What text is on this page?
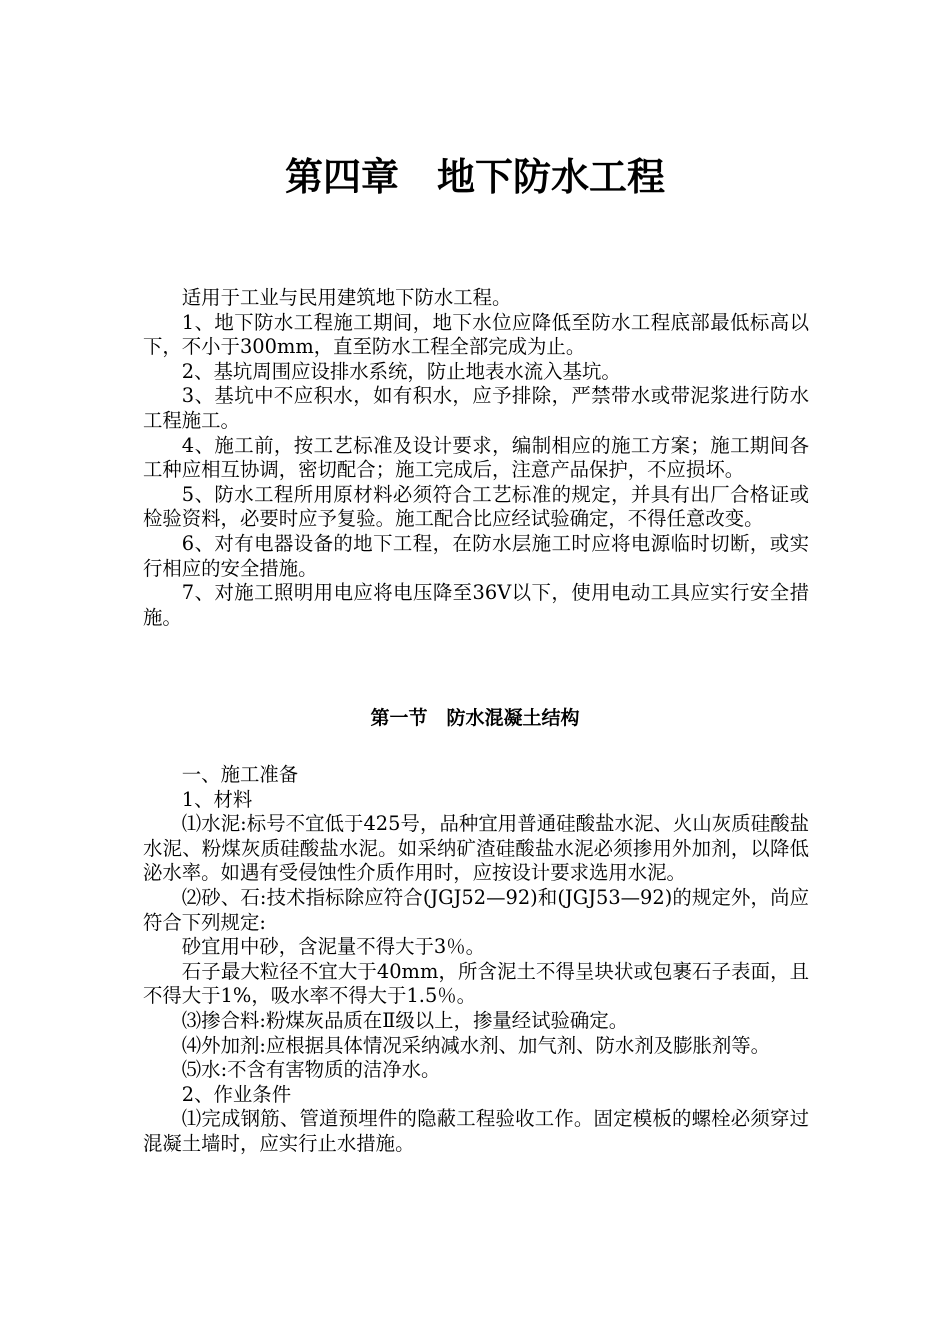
第四章　地下防水工程

适用于工业与民用建筑地下防水工程。

1、地下防水工程施工期间，地下水位应降低至防水工程底部最低标高以下，不小于300mm，直至防水工程全部完成为止。

2、基坑周围应设排水系统，防止地表水流入基坑。

3、基坑中不应积水，如有积水，应予排除，严禁带水或带泥浆进行防水工程施工。

4、施工前，按工艺标准及设计要求，编制相应的施工方案；施工期间各工种应相互协调，密切配合；施工完成后，注意产品保护，不应损坏。

5、防水工程所用原材料必须符合工艺标准的规定，并具有出厂合格证或检验资料，必要时应予复验。施工配合比应经试验确定，不得任意改变。

6、对有电器设备的地下工程，在防水层施工时应将电源临时切断，或实行相应的安全措施。

7、对施工照明用电应将电压降至36V以下，使用电动工具应实行安全措施。

第一节　防水混凝土结构

一、施工准备

1、材料

⑴水泥:标号不宜低于425号，品种宜用普通硅酸盐水泥、火山灰质硅酸盐水泥、粉煤灰质硅酸盐水泥。如采纳矿渣硅酸盐水泥必须掺用外加剂，以降低泌水率。如遇有受侵蚀性介质作用时，应按设计要求选用水泥。

⑵砂、石:技术指标除应符合(JGJ52—92)和(JGJ53—92)的规定外，尚应符合下列规定:

砂宜用中砂，含泥量不得大于3％。

石子最大粒径不宜大于40mm，所含泥土不得呈块状或包裹石子表面，且不得大于1%，吸水率不得大于1.5％。

⑶掺合料:粉煤灰品质在Ⅱ级以上，掺量经试验确定。

⑷外加剂:应根据具体情况采纳减水剂、加气剂、防水剂及膨胀剂等。

⑸水:不含有害物质的洁净水。

2、作业条件

⑴完成钢筋、管道预埋件的隐蔽工程验收工作。固定模板的螺栓必须穿过混凝土墙时，应实行止水措施。
